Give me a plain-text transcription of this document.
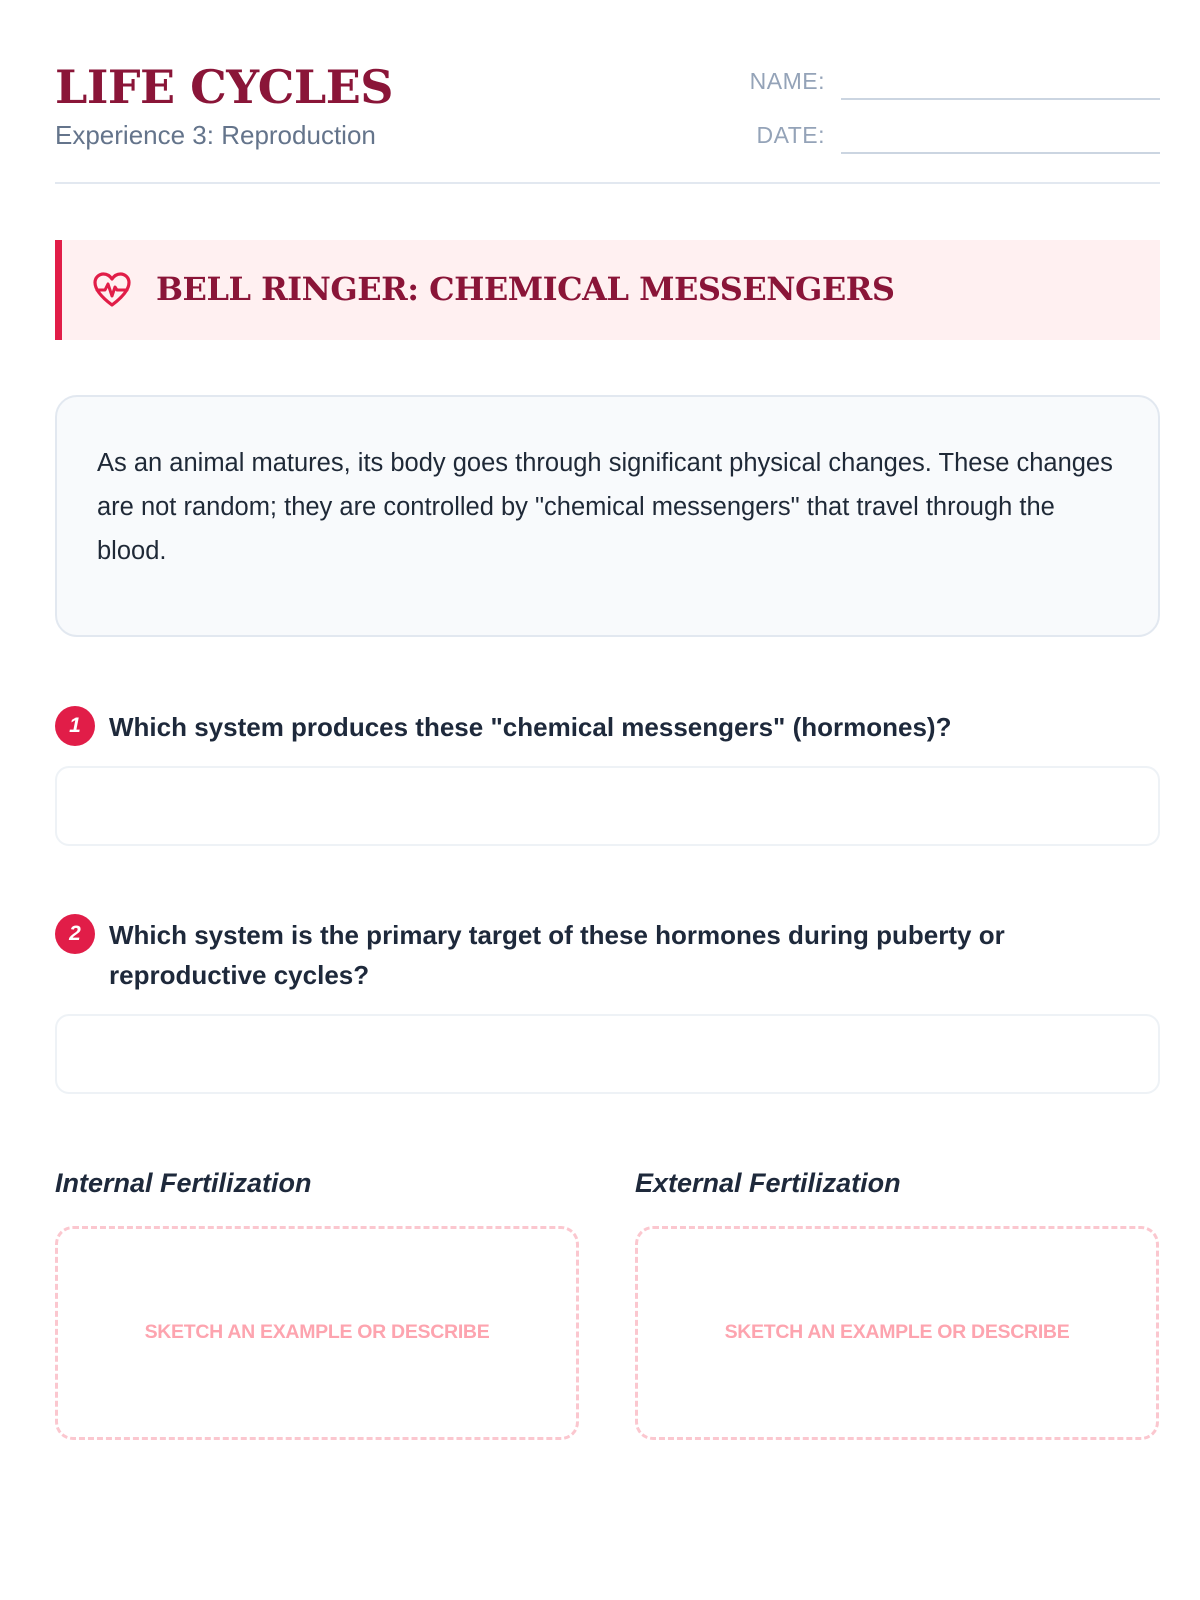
LIFE CYCLES
Experience 3: Reproduction
NAME:
DATE:
BELL RINGER: CHEMICAL MESSENGERS

As an animal matures, its body goes through significant physical changes. These changes are not random; they are controlled by "chemical messengers" that travel through the blood.

1	Which system produces these "chemical messengers" (hormones)?
2	Which system is the primary target of these hormones during puberty or reproductive cycles?
Internal Fertilization
SKETCH AN EXAMPLE OR DESCRIBE
External Fertilization
SKETCH AN EXAMPLE OR DESCRIBE
